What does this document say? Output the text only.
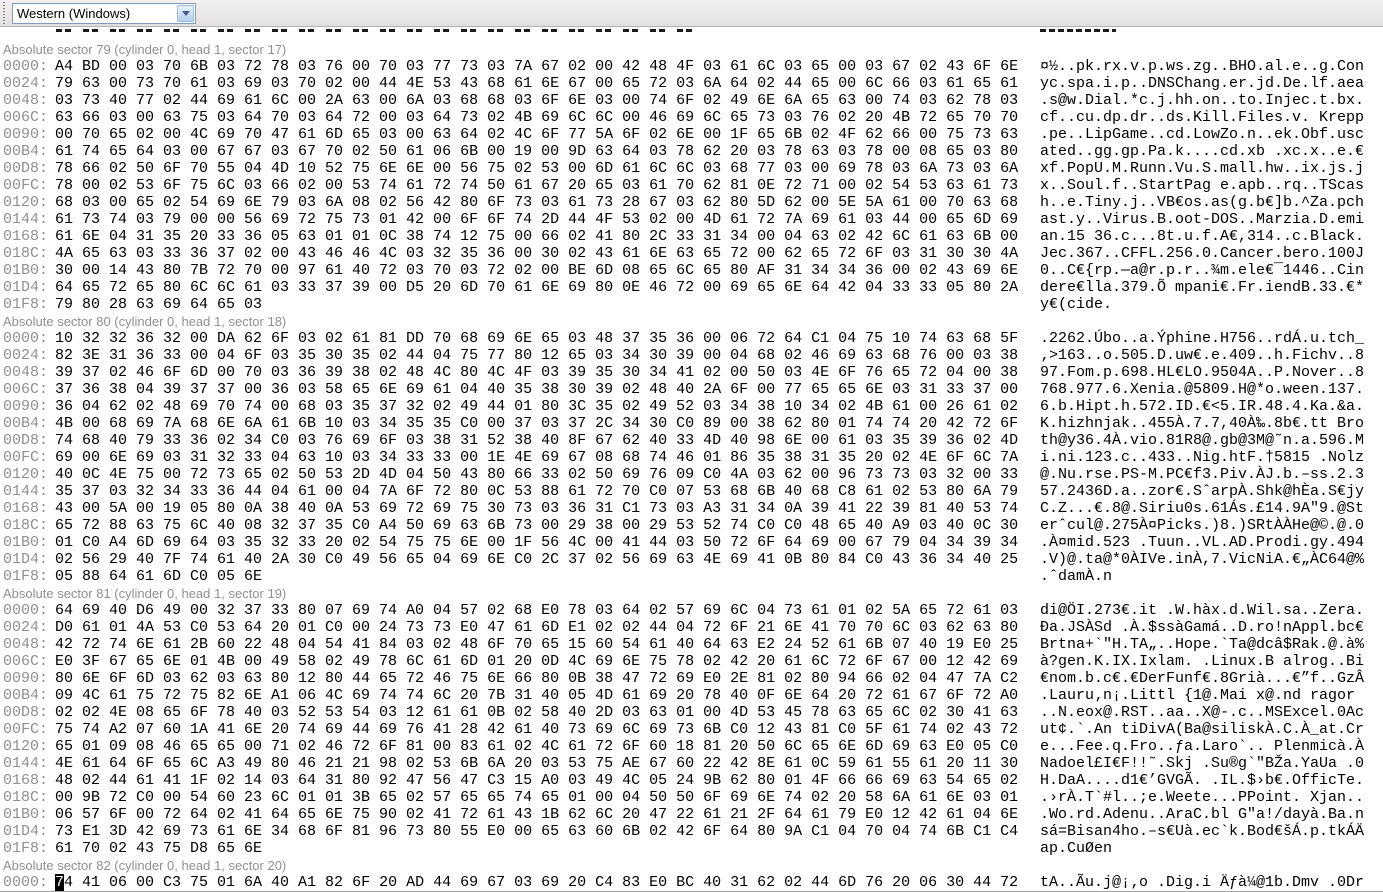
Western (Windows)
Absolute sector 79 (cylinder 0, head 1, sector 17)
0000: A4 BD 00 03 70 6B 03 72 78 03 76 00 70 03 77 73 03 7A 67 02 00 42 48 4F 03 61 6C 03 65 00 03 67 02 43 6F 6E	¤½..pk.rx.v.p.ws.zg..BHO.al.e..g.Con
0024: 79 63 00 73 70 61 03 69 03 70 02 00 44 4E 53 43 68 61 6E 67 00 65 72 03 6A 64 02 44 65 00 6C 66 03 61 65 61	yc.spa.i.p..DNSChang.er.jd.De.lf.aea
0048: 03 73 40 77 02 44 69 61 6C 00 2A 63 00 6A 03 68 68 03 6F 6E 03 00 74 6F 02 49 6E 6A 65 63 00 74 03 62 78 03	.s@w.Dial.*c.j.hh.on..to.Injec.t.bx.
006C: 63 66 03 00 63 75 03 64 70 03 64 72 00 03 64 73 02 4B 69 6C 6C 00 46 69 6C 65 73 03 76 02 20 4B 72 65 70 70	cf..cu.dp.dr..ds.Kill.Files.v. Krepp
0090: 00 70 65 02 00 4C 69 70 47 61 6D 65 03 00 63 64 02 4C 6F 77 5A 6F 02 6E 00 1F 65 6B 02 4F 62 66 00 75 73 63	.pe..LipGame..cd.LowZo.n..ek.Obf.usc
00B4: 61 74 65 64 03 00 67 67 03 67 70 02 50 61 06 6B 00 19 00 9D 63 64 03 78 62 20 03 78 63 03 78 00 08 65 03 80	ated..gg.gp.Pa.k....cd.xb .xc.x..e.€
00D8: 78 66 02 50 6F 70 55 04 4D 10 52 75 6E 6E 00 56 75 02 53 00 6D 61 6C 6C 03 68 77 03 00 69 78 03 6A 73 03 6A	xf.PopU.M.Runn.Vu.S.mall.hw..ix.js.j
00FC: 78 00 02 53 6F 75 6C 03 66 02 00 53 74 61 72 74 50 61 67 20 65 03 61 70 62 81 0E 72 71 00 02 54 53 63 61 73	x..Soul.f..StartPag e.apb..rq..TScas
0120: 68 03 00 65 02 54 69 6E 79 03 6A 08 02 56 42 80 6F 73 03 61 73 28 67 03 62 80 5D 62 00 5E 5A 61 00 70 63 68	h..e.Tiny.j..VB€os.as(g.b€]b.^Za.pch
0144: 61 73 74 03 79 00 00 56 69 72 75 73 01 42 00 6F 6F 74 2D 44 4F 53 02 00 4D 61 72 7A 69 61 03 44 00 65 6D 69	ast.y..Virus.B.oot-DOS..Marzia.D.emi
0168: 61 6E 04 31 35 20 33 36 05 63 01 01 0C 38 74 12 75 00 66 02 41 80 2C 33 31 34 00 04 63 02 42 6C 61 63 6B 00	an.15 36.c...8t.u.f.A€,314..c.Black.
018C: 4A 65 63 03 33 36 37 02 00 43 46 46 4C 03 32 35 36 00 30 02 43 61 6E 63 65 72 00 62 65 72 6F 03 31 30 30 4A	Jec.367..CFFL.256.0.Cancer.bero.100J
01B0: 30 00 14 43 80 7B 72 70 00 97 61 40 72 03 70 03 72 02 00 BE 6D 08 65 6C 65 80 AF 31 34 34 36 00 02 43 69 6E	0..C€{rp.—a@r.p.r..¾m.ele€¯1446..Cin
01D4: 64 65 72 65 80 6C 6C 61 03 33 37 39 00 D5 20 6D 70 61 6E 69 80 0E 46 72 00 69 65 6E 64 42 04 33 33 05 80 2A	dere€lla.379.Õ mpani€.Fr.iendB.33.€*
01F8: 79 80 28 63 69 64 65 03	y€(cide.
Absolute sector 80 (cylinder 0, head 1, sector 18)
0000: 10 32 32 36 32 00 DA 62 6F 03 02 61 81 DD 70 68 69 6E 65 03 48 37 35 36 00 06 72 64 C1 04 75 10 74 63 68 5F	.2262.Úbo..a.Ýphine.H756..rdÁ.u.tch_
0024: 82 3E 31 36 33 00 04 6F 03 35 30 35 02 44 04 75 77 80 12 65 03 34 30 39 00 04 68 02 46 69 63 68 76 00 03 38	‚>163..o.505.D.uw€.e.409..h.Fichv..8
0048: 39 37 02 46 6F 6D 00 70 03 36 39 38 02 48 4C 80 4C 4F 03 39 35 30 34 41 02 00 50 03 4E 6F 76 65 72 04 00 38	97.Fom.p.698.HL€LO.9504A..P.Nover..8
006C: 37 36 38 04 39 37 37 00 36 03 58 65 6E 69 61 04 40 35 38 30 39 02 48 40 2A 6F 00 77 65 65 6E 03 31 33 37 00	768.977.6.Xenia.@5809.H@*o.ween.137.
0090: 36 04 62 02 48 69 70 74 00 68 03 35 37 32 02 49 44 01 80 3C 35 02 49 52 03 34 38 10 34 02 4B 61 00 26 61 02	6.b.Hipt.h.572.ID.€<5.IR.48.4.Ka.&a.
00B4: 4B 00 68 69 7A 68 6E 6A 61 6B 10 03 34 35 35 C0 00 37 03 37 2C 34 30 C0 89 00 38 62 80 01 74 74 20 42 72 6F	K.hizhnjak..455À.7.7,40À‰.8b€.tt Bro
00D8: 74 68 40 79 33 36 02 34 C0 03 76 69 6F 03 38 31 52 38 40 8F 67 62 40 33 4D 40 98 6E 00 61 03 35 39 36 02 4D	th@y36.4À.vio.81R8@.gb@3M@˜n.a.596.M
00FC: 69 00 6E 69 03 31 32 33 04 63 10 03 34 33 33 00 1E 4E 69 67 08 68 74 46 01 86 35 38 31 35 20 02 4E 6F 6C 7A	i.ni.123.c..433..Nig.htF.†5815 .Nolz
0120: 40 0C 4E 75 00 72 73 65 02 50 53 2D 4D 04 50 43 80 66 33 02 50 69 76 09 C0 4A 03 62 00 96 73 73 03 32 00 33	@.Nu.rse.PS-M.PC€f3.Piv.ÀJ.b.–ss.2.3
0144: 35 37 03 32 34 33 36 44 04 61 00 04 7A 6F 72 80 0C 53 88 61 72 70 C0 07 53 68 6B 40 68 C8 61 02 53 80 6A 79	57.2436D.a..zor€.SˆarpÀ.Shk@hÈa.S€jy
0168: 43 00 5A 00 19 05 80 0A 38 40 0A 53 69 72 69 75 30 73 03 36 31 C1 73 03 A3 31 34 0A 39 41 22 39 81 40 53 74	C.Z...€.8@.Siriu0s.61Ás.£14.9A"9.@St
018C: 65 72 88 63 75 6C 40 08 32 37 35 C0 A4 50 69 63 6B 73 00 29 38 00 29 53 52 74 C0 C0 48 65 40 A9 03 40 0C 30	erˆcul@.275À¤Picks.)8.)SRtÀÀHe@©.@.0
01B0: 01 C0 A4 6D 69 64 03 35 32 33 20 02 54 75 75 6E 00 1F 56 4C 00 41 44 03 50 72 6F 64 69 00 67 79 04 34 39 34	.À¤mid.523 .Tuun..VL.AD.Prodi.gy.494
01D4: 02 56 29 40 7F 74 61 40 2A 30 C0 49 56 65 04 69 6E C0 2C 37 02 56 69 63 4E 69 41 0B 80 84 C0 43 36 34 40 25	.V)@.ta@*0ÀIVe.inÀ,7.VicNiA.€„ÀC64@%
01F8: 05 88 64 61 6D C0 05 6E	.ˆdamÀ.n
Absolute sector 81 (cylinder 0, head 1, sector 19)
0000: 64 69 40 D6 49 00 32 37 33 80 07 69 74 A0 04 57 02 68 E0 78 03 64 02 57 69 6C 04 73 61 01 02 5A 65 72 61 03	di@ÖI.273€.it .W.hàx.d.Wil.sa..Zera.
0024: D0 61 01 4A 53 C0 53 64 20 01 C0 00 24 73 73 E0 47 61 6D E1 02 02 44 04 72 6F 21 6E 41 70 70 6C 03 62 63 80	Ða.JSÀSd .À.$ssàGamá..D.ro!nAppl.bc€
0048: 42 72 74 6E 61 2B 60 22 48 04 54 41 84 03 02 48 6F 70 65 15 60 54 61 40 64 63 E2 24 52 61 6B 07 40 19 E0 25	Brtna+`"H.TA„..Hope.`Ta@dcâ$Rak.@.à%
006C: E0 3F 67 65 6E 01 4B 00 49 58 02 49 78 6C 61 6D 01 20 0D 4C 69 6E 75 78 02 42 20 61 6C 72 6F 67 00 12 42 69	à?gen.K.IX.Ixlam. .Linux.B alrog..Bi
0090: 80 6E 6F 6D 03 62 03 63 80 12 80 44 65 72 46 75 6E 66 80 0B 38 47 72 69 E0 2E 81 02 80 94 66 02 04 47 7A C2	€nom.b.c€.€DerFunf€.8Grià...€”f..GzÂ
00B4: 09 4C 61 75 72 75 82 6E A1 06 4C 69 74 74 6C 20 7B 31 40 05 4D 61 69 20 78 40 0F 6E 64 20 72 61 67 6F 72 A0	.Lauru‚n¡.Littl {1@.Mai x@.nd ragor
00D8: 02 02 4E 08 65 6F 78 40 03 52 53 54 03 12 61 61 0B 02 58 40 2D 03 63 01 00 4D 53 45 78 63 65 6C 02 30 41 63	..N.eox@.RST..aa..X@-.c..MSExcel.0Ac
00FC: 75 74 A2 07 60 1A 41 6E 20 74 69 44 69 76 41 28 42 61 40 73 69 6C 69 73 6B C0 12 43 81 C0 5F 61 74 02 43 72	ut¢.`.An tiDivA(Ba@siliskÀ.C.À_at.Cr
0120: 65 01 09 08 46 65 65 00 71 02 46 72 6F 81 00 83 61 02 4C 61 72 6F 60 18 81 20 50 6C 65 6E 6D 69 63 E0 05 C0	e...Fee.q.Fro..ƒa.Laro`.. Plenmicà.À
0144: 4E 61 64 6F 65 6C A3 49 80 46 21 21 98 02 53 6B 6A 20 03 53 75 AE 67 60 22 42 8E 61 0C 59 61 55 61 20 11 30	Nadoel£I€F!!˜.Skj .Su®g`"BŽa.YaUa .0
0168: 48 02 44 61 41 1F 02 14 03 64 31 80 92 47 56 47 C3 15 A0 03 49 4C 05 24 9B 62 80 01 4F 66 66 69 63 54 65 02	H.DaA....d1€’GVGÃ. .IL.$›b€.OfficTe.
018C: 00 9B 72 C0 00 54 60 23 6C 01 01 3B 65 02 57 65 65 74 65 01 00 04 50 50 6F 69 6E 74 02 20 58 6A 61 6E 03 01	.›rÀ.T`#l..;e.Weete...PPoint. Xjan..
01B0: 06 57 6F 00 72 64 02 41 64 65 6E 75 90 02 41 72 61 43 1B 62 6C 20 47 22 61 21 2F 64 61 79 E0 12 42 61 04 6E	.Wo.rd.Adenu..AraC.bl G"a!/dayà.Ba.n
01D4: 73 E1 3D 42 69 73 61 6E 34 68 6F 81 96 73 80 55 E0 00 65 63 60 6B 02 42 6F 64 80 9A C1 04 70 04 74 6B C1 C4	sá=Bisan4ho.–s€Uà.ec`k.Bod€šÁ.p.tkÁÄ
01F8: 61 70 02 43 75 D8 65 6E	ap.CuØen
Absolute sector 82 (cylinder 0, head 1, sector 20)
0000: 74 41 06 00 C3 75 01 6A 40 A1 82 6F 20 AD 44 69 67 03 69 20 C4 83 E0 BC 40 31 62 02 44 6D 76 20 06 30 44 72	tA..Ãu.j@¡‚o .Dig.i Äƒà¼@1b.Dmv .0Dr
